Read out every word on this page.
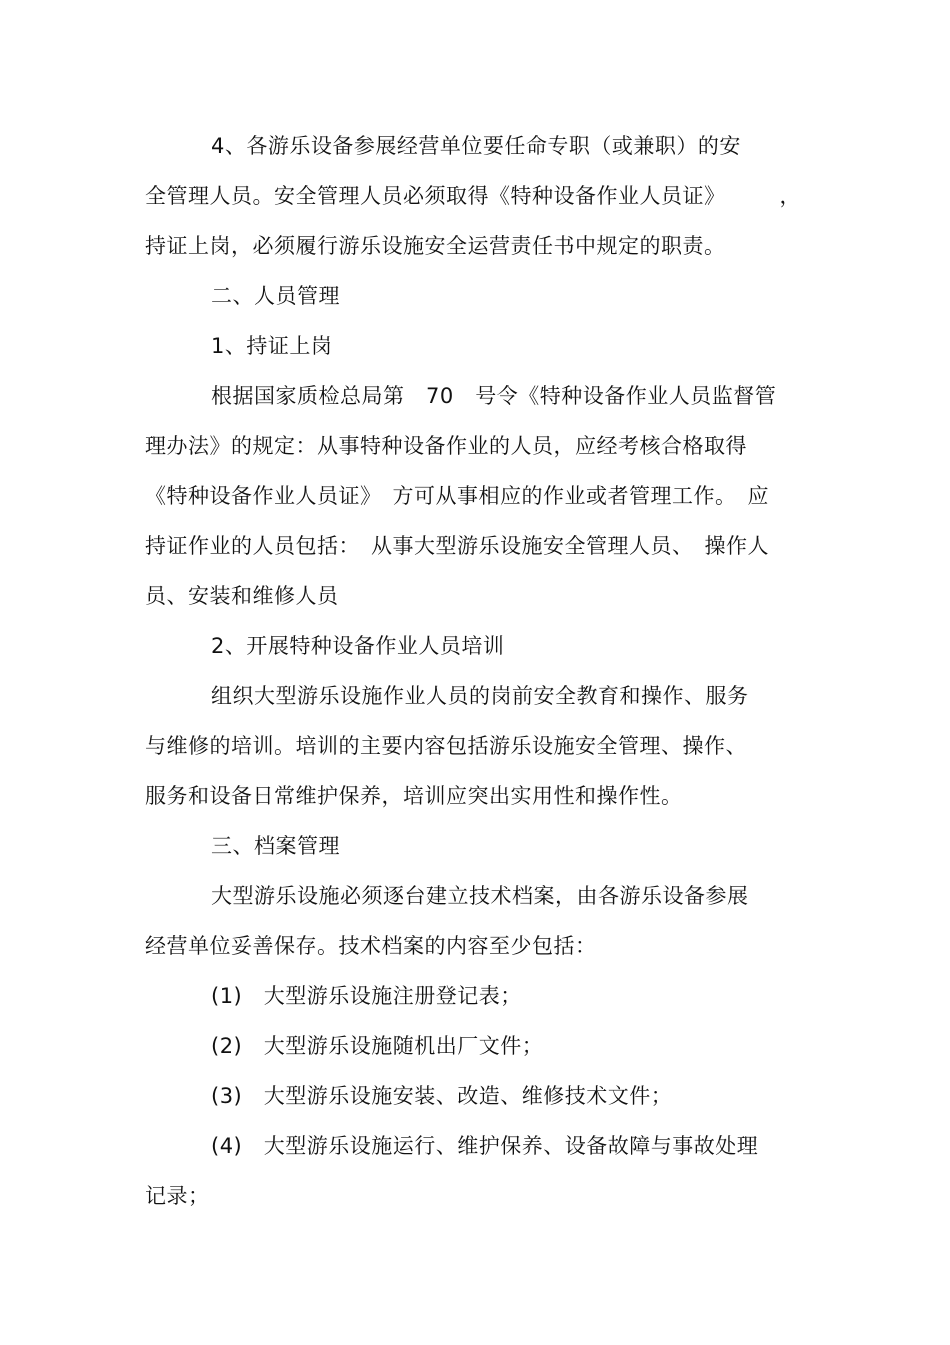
4、各游乐设备参展经营单位要任命专职（或兼职）的安
全管理人员。安全管理人员必须取得《特种设备作业人员证》　　　，
持证上岗，必须履行游乐设施安全运营责任书中规定的职责。
二、人员管理
1、持证上岗
根据国家质检总局第　70　号令《特种设备作业人员监督管
理办法》的规定：从事特种设备作业的人员，应经考核合格取得
《特种设备作业人员证》　方可从事相应的作业或者管理工作。　应
持证作业的人员包括：　从事大型游乐设施安全管理人员、　操作人
员、安装和维修人员
2、开展特种设备作业人员培训
组织大型游乐设施作业人员的岗前安全教育和操作、服务
与维修的培训。培训的主要内容包括游乐设施安全管理、操作、
服务和设备日常维护保养，培训应突出实用性和操作性。
三、档案管理
大型游乐设施必须逐台建立技术档案，由各游乐设备参展
经营单位妥善保存。技术档案的内容至少包括：
(1)　大型游乐设施注册登记表；
(2)　大型游乐设施随机出厂文件；
(3)　大型游乐设施安装、改造、维修技术文件；
(4)　大型游乐设施运行、维护保养、设备故障与事故处理
记录；
